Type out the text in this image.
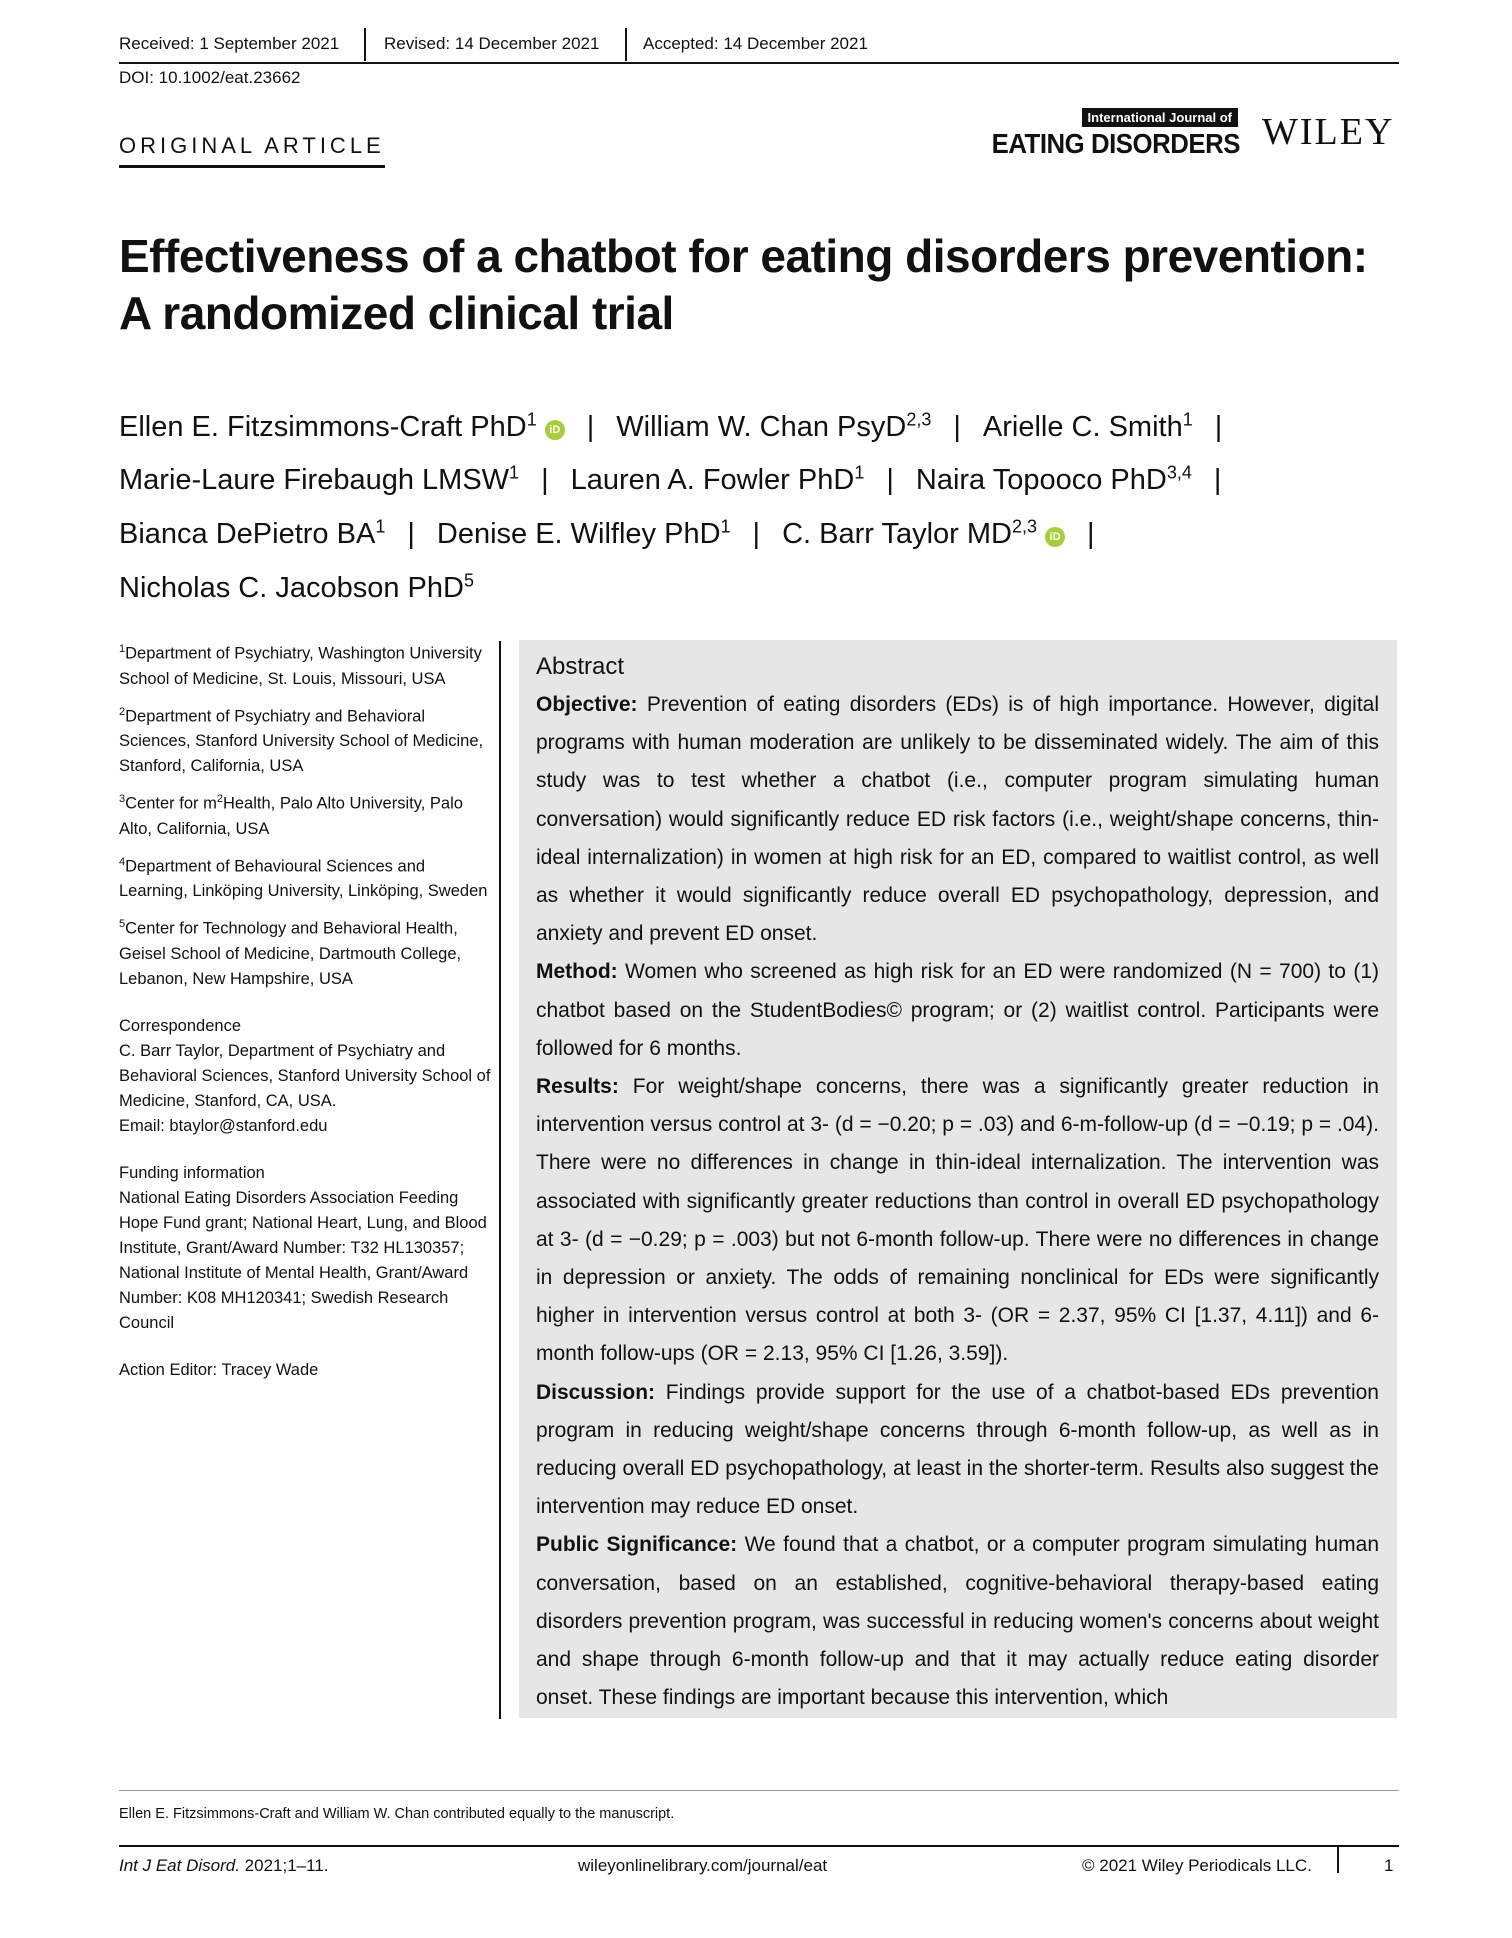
Received: 1 September 2021	Revised: 14 December 2021	Accepted: 14 December 2021
DOI: 10.1002/eat.23662
ORIGINAL ARTICLE
International Journal of
EATING DISORDERS WILEY
Effectiveness of a chatbot for eating disorders prevention:
A randomized clinical trial
Ellen E. Fitzsimmons-Craft PhD$^1$iD | William W. Chan PsyD$^{2,3}$ | Arielle C. Smith$^1$ |
Marie-Laure Firebaugh LMSW$^1$ | Lauren A. Fowler PhD$^1$ | Naira Topooco PhD$^{3,4}$ |
Bianca DePietro $BA^1$ | Denise E. Wilfley PhD$^1$ | C. Barr Taylor MD$^{2,3}$iD |
Nicholas C. Jacobson PhD$^5$
$^1$Department of Psychiatry, Washington University School of Medicine, St. Louis, Missouri, USA
$^2$Department of Psychiatry and Behavioral Sciences, Stanford University School of Medicine, Stanford, California, USA
$^3$Center for $m^2Health$, Palo Alto University, Palo Alto, California, USA
$^4$Department of Behavioural Sciences and Learning, Linköping University, Linköping, Sweden
$^5$Center for Technology and Behavioral Health, Geisel School of Medicine, Dartmouth College, Lebanon, New Hampshire, USA
Correspondence
C. Barr Taylor, Department of Psychiatry and Behavioral Sciences, Stanford University School of Medicine, Stanford, CA, USA.
Email: btaylor@stanford.edu
Funding information
National Eating Disorders Association Feeding Hope Fund grant; National Heart, Lung, and Blood Institute, Grant/Award Number: T32 HL130357; National Institute of Mental Health, Grant/Award Number: K08 MH120341; Swedish Research Council
Action Editor: Tracey Wade
Abstract

Objective: Prevention of eating disorders (EDs) is of high importance. However, digital programs with human moderation are unlikely to be disseminated widely. The aim of this study was to test whether a chatbot (i.e., computer program simulating human conversation) would significantly reduce ED risk factors (i.e., weight/shape concerns, thin-ideal internalization) in women at high risk for an ED, compared to waitlist control, as well as whether it would significantly reduce overall ED psychopathology, depression, and anxiety and prevent ED onset.

Method: Women who screened as high risk for an ED were randomized (N = 700) to (1) chatbot based on the StudentBodies© program; or (2) waitlist control. Participants were followed for 6 months.

Results: For weight/shape concerns, there was a significantly greater reduction in intervention versus control at 3- (d = −0.20; p = .03) and 6-m-follow-up (d = −0.19; p = .04). There were no differences in change in thin-ideal internalization. The intervention was associated with significantly greater reductions than control in overall ED psychopathology at 3- (d = −0.29; p = .003) but not 6-month follow-up. There were no differences in change in depression or anxiety. The odds of remaining nonclinical for EDs were significantly higher in intervention versus control at both 3- (OR = 2.37, 95% CI [1.37, 4.11]) and 6-month follow-ups (OR = 2.13, 95% CI [1.26, 3.59]).

Discussion: Findings provide support for the use of a chatbot-based EDs prevention program in reducing weight/shape concerns through 6-month follow-up, as well as in reducing overall ED psychopathology, at least in the shorter-term. Results also suggest the intervention may reduce ED onset.

Public Significance: We found that a chatbot, or a computer program simulating human conversation, based on an established, cognitive-behavioral therapy-based eating disorders prevention program, was successful in reducing women's concerns about weight and shape through 6-month follow-up and that it may actually reduce eating disorder onset. These findings are important because this intervention, which

Ellen E. Fitzsimmons-Craft and William W. Chan contributed equally to the manuscript.
Int J Eat Disord. 2021;1–11.	wileyonlinelibrary.com/journal/eat	© 2021 Wiley Periodicals LLC.	1
